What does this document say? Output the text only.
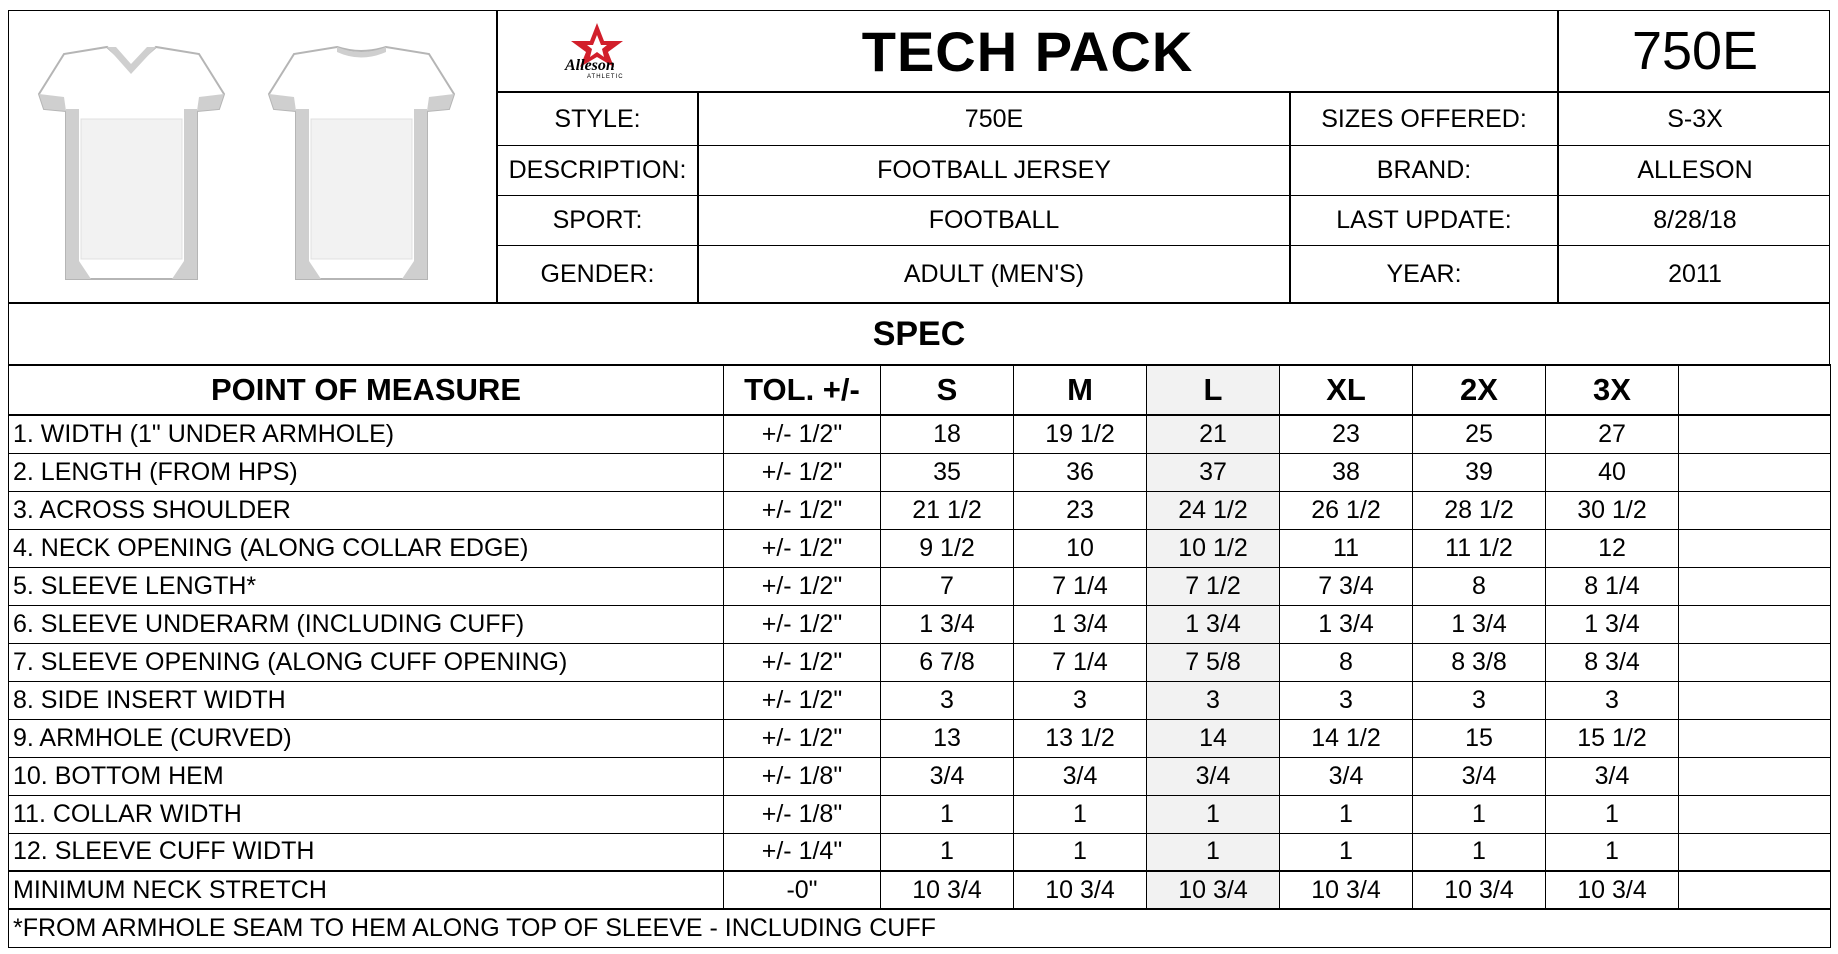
Alleson
ATHLETIC	TECH PACK	750E
STYLE:	750E	SIZES OFFERED:	S-3X
DESCRIPTION:	FOOTBALL JERSEY	BRAND:	ALLESON
SPORT:	FOOTBALL	LAST UPDATE:	8/28/18
GENDER:	ADULT (MEN'S)	YEAR:	2011
SPEC
POINT OF MEASURE	TOL. +/-	S	M	L	XL	2X	3X	
1. WIDTH (1" UNDER ARMHOLE)	+/- 1/2"	18	19 1/2	21	23	25	27	
2. LENGTH (FROM HPS)	+/- 1/2"	35	36	37	38	39	40	
3. ACROSS SHOULDER	+/- 1/2"	21 1/2	23	24 1/2	26 1/2	28 1/2	30 1/2	
4. NECK OPENING (ALONG COLLAR EDGE)	+/- 1/2"	9 1/2	10	10 1/2	11	11 1/2	12	
5. SLEEVE LENGTH*	+/- 1/2"	7	7 1/4	7 1/2	7 3/4	8	8 1/4	
6. SLEEVE UNDERARM (INCLUDING CUFF)	+/- 1/2"	1 3/4	1 3/4	1 3/4	1 3/4	1 3/4	1 3/4	
7. SLEEVE OPENING (ALONG CUFF OPENING)	+/- 1/2"	6 7/8	7 1/4	7 5/8	8	8 3/8	8 3/4	
8. SIDE INSERT WIDTH	+/- 1/2"	3	3	3	3	3	3	
9. ARMHOLE (CURVED)	+/- 1/2"	13	13 1/2	14	14 1/2	15	15 1/2	
10. BOTTOM HEM	+/- 1/8"	3/4	3/4	3/4	3/4	3/4	3/4	
11. COLLAR WIDTH	+/- 1/8"	1	1	1	1	1	1	
12. SLEEVE CUFF WIDTH	+/- 1/4"	1	1	1	1	1	1	
MINIMUM NECK STRETCH	-0"	10 3/4	10 3/4	10 3/4	10 3/4	10 3/4	10 3/4	
*FROM ARMHOLE SEAM TO HEM ALONG TOP OF SLEEVE - INCLUDING CUFF								
